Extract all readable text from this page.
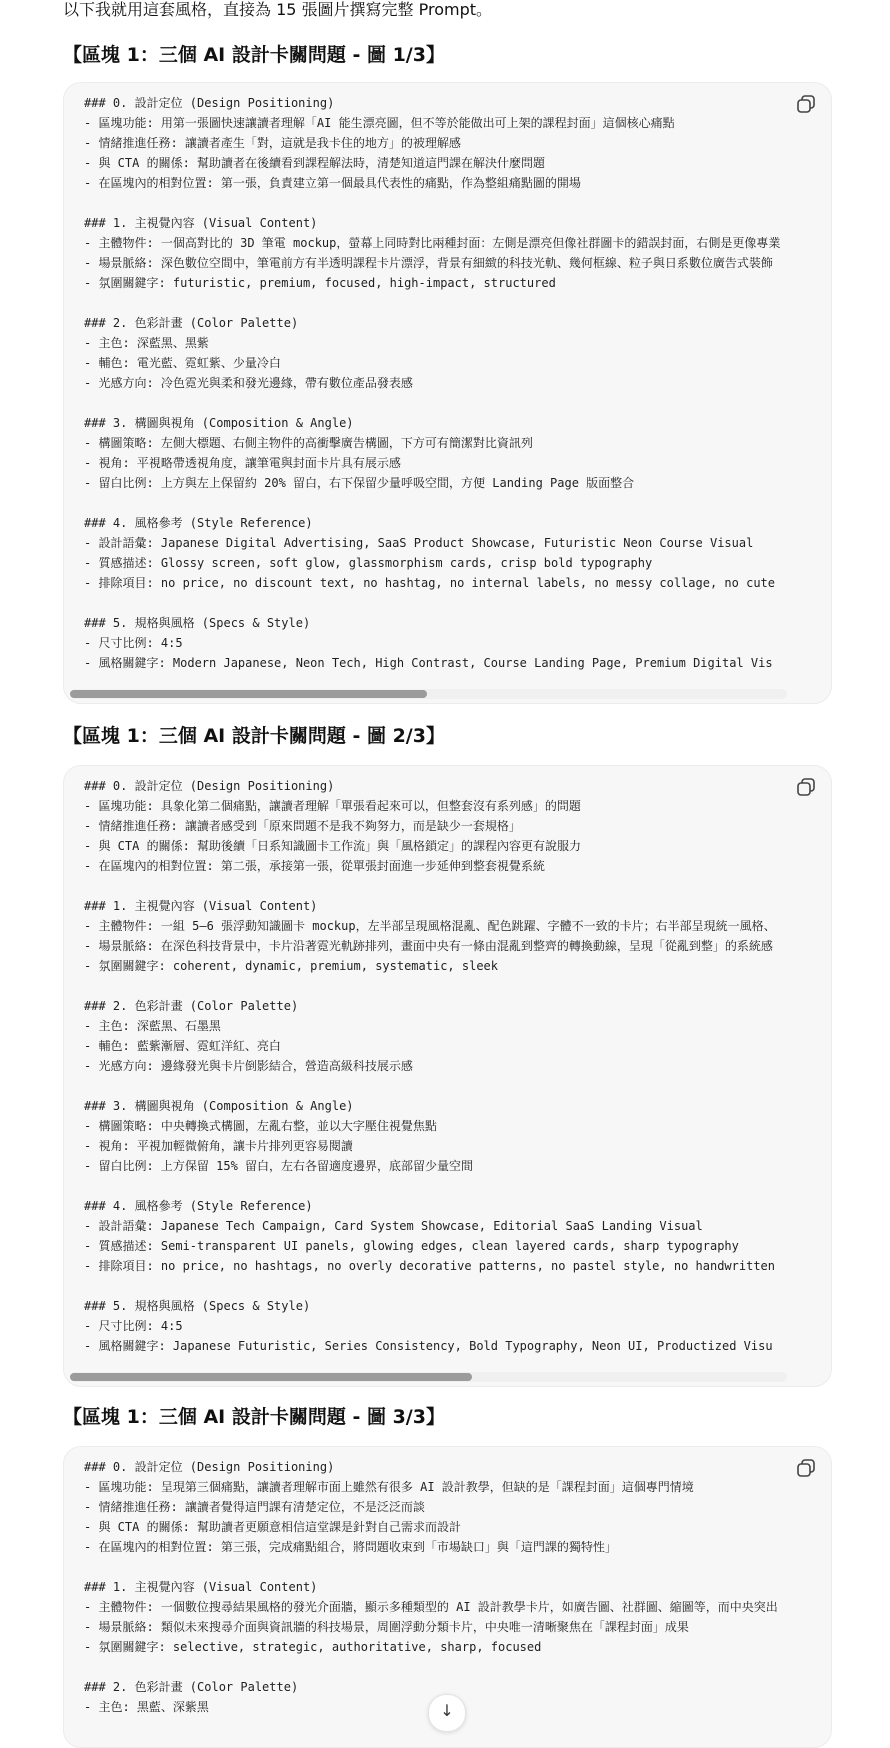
以下我就用這套風格，直接為 15 張圖片撰寫完整 Prompt。
【區塊 1：三個 AI 設計卡關問題 - 圖 1/3】
### 0. 設計定位 (Design Positioning)
- 區塊功能: 用第一張圖快速讓讀者理解「AI 能生漂亮圖，但不等於能做出可上架的課程封面」這個核心痛點
- 情緒推進任務: 讓讀者產生「對，這就是我卡住的地方」的被理解感
- 與 CTA 的關係: 幫助讀者在後續看到課程解法時，清楚知道這門課在解決什麼問題
- 在區塊內的相對位置: 第一張，負責建立第一個最具代表性的痛點，作為整組痛點圖的開場
### 1. 主視覺內容 (Visual Content)
- 主體物件: 一個高對比的 3D 筆電 mockup，螢幕上同時對比兩種封面：左側是漂亮但像社群圖卡的錯誤封面，右側是更像專業
- 場景脈絡: 深色數位空間中，筆電前方有半透明課程卡片漂浮，背景有細緻的科技光軌、幾何框線、粒子與日系數位廣告式裝飾
- 氛圍關鍵字: futuristic, premium, focused, high-impact, structured
### 2. 色彩計畫 (Color Palette)
- 主色: 深藍黑、黑紫
- 輔色: 電光藍、霓虹紫、少量冷白
- 光感方向: 冷色霓光與柔和發光邊緣，帶有數位產品發表感
### 3. 構圖與視角 (Composition & Angle)
- 構圖策略: 左側大標題、右側主物件的高衝擊廣告構圖，下方可有簡潔對比資訊列
- 視角: 平視略帶透視角度，讓筆電與封面卡片具有展示感
- 留白比例: 上方與左上保留約 20% 留白，右下保留少量呼吸空間，方便 Landing Page 版面整合
### 4. 風格參考 (Style Reference)
- 設計語彙: Japanese Digital Advertising, SaaS Product Showcase, Futuristic Neon Course Visual
- 質感描述: Glossy screen, soft glow, glassmorphism cards, crisp bold typography
- 排除項目: no price, no discount text, no hashtag, no internal labels, no messy collage, no cute
### 5. 規格與風格 (Specs & Style)
- 尺寸比例: 4:5
- 風格關鍵字: Modern Japanese, Neon Tech, High Contrast, Course Landing Page, Premium Digital Vis
【區塊 1：三個 AI 設計卡關問題 - 圖 2/3】
### 0. 設計定位 (Design Positioning)
- 區塊功能: 具象化第二個痛點，讓讀者理解「單張看起來可以，但整套沒有系列感」的問題
- 情緒推進任務: 讓讀者感受到「原來問題不是我不夠努力，而是缺少一套規格」
- 與 CTA 的關係: 幫助後續「日系知識圖卡工作流」與「風格鎖定」的課程內容更有說服力
- 在區塊內的相對位置: 第二張，承接第一張，從單張封面進一步延伸到整套視覺系統
### 1. 主視覺內容 (Visual Content)
- 主體物件: 一組 5–6 張浮動知識圖卡 mockup，左半部呈現風格混亂、配色跳躍、字體不一致的卡片；右半部呈現統一風格、
- 場景脈絡: 在深色科技背景中，卡片沿著霓光軌跡排列，畫面中央有一條由混亂到整齊的轉換動線，呈現「從亂到整」的系統感
- 氛圍關鍵字: coherent, dynamic, premium, systematic, sleek
### 2. 色彩計畫 (Color Palette)
- 主色: 深藍黑、石墨黑
- 輔色: 藍紫漸層、霓虹洋紅、亮白
- 光感方向: 邊緣發光與卡片倒影結合，營造高級科技展示感
### 3. 構圖與視角 (Composition & Angle)
- 構圖策略: 中央轉換式構圖，左亂右整，並以大字壓住視覺焦點
- 視角: 平視加輕微俯角，讓卡片排列更容易閱讀
- 留白比例: 上方保留 15% 留白，左右各留適度邊界，底部留少量空間
### 4. 風格參考 (Style Reference)
- 設計語彙: Japanese Tech Campaign, Card System Showcase, Editorial SaaS Landing Visual
- 質感描述: Semi-transparent UI panels, glowing edges, clean layered cards, sharp typography
- 排除項目: no price, no hashtags, no overly decorative patterns, no pastel style, no handwritten
### 5. 規格與風格 (Specs & Style)
- 尺寸比例: 4:5
- 風格關鍵字: Japanese Futuristic, Series Consistency, Bold Typography, Neon UI, Productized Visu
【區塊 1：三個 AI 設計卡關問題 - 圖 3/3】
### 0. 設計定位 (Design Positioning)
- 區塊功能: 呈現第三個痛點，讓讀者理解市面上雖然有很多 AI 設計教學，但缺的是「課程封面」這個專門情境
- 情緒推進任務: 讓讀者覺得這門課有清楚定位，不是泛泛而談
- 與 CTA 的關係: 幫助讀者更願意相信這堂課是針對自己需求而設計
- 在區塊內的相對位置: 第三張，完成痛點組合，將問題收束到「市場缺口」與「這門課的獨特性」
### 1. 主視覺內容 (Visual Content)
- 主體物件: 一個數位搜尋結果風格的發光介面牆，顯示多種類型的 AI 設計教學卡片，如廣告圖、社群圖、縮圖等，而中央突出
- 場景脈絡: 類似未來搜尋介面與資訊牆的科技場景，周圍浮動分類卡片，中央唯一清晰聚焦在「課程封面」成果
- 氛圍關鍵字: selective, strategic, authoritative, sharp, focused
### 2. 色彩計畫 (Color Palette)
- 主色: 黑藍、深紫黑	↓
